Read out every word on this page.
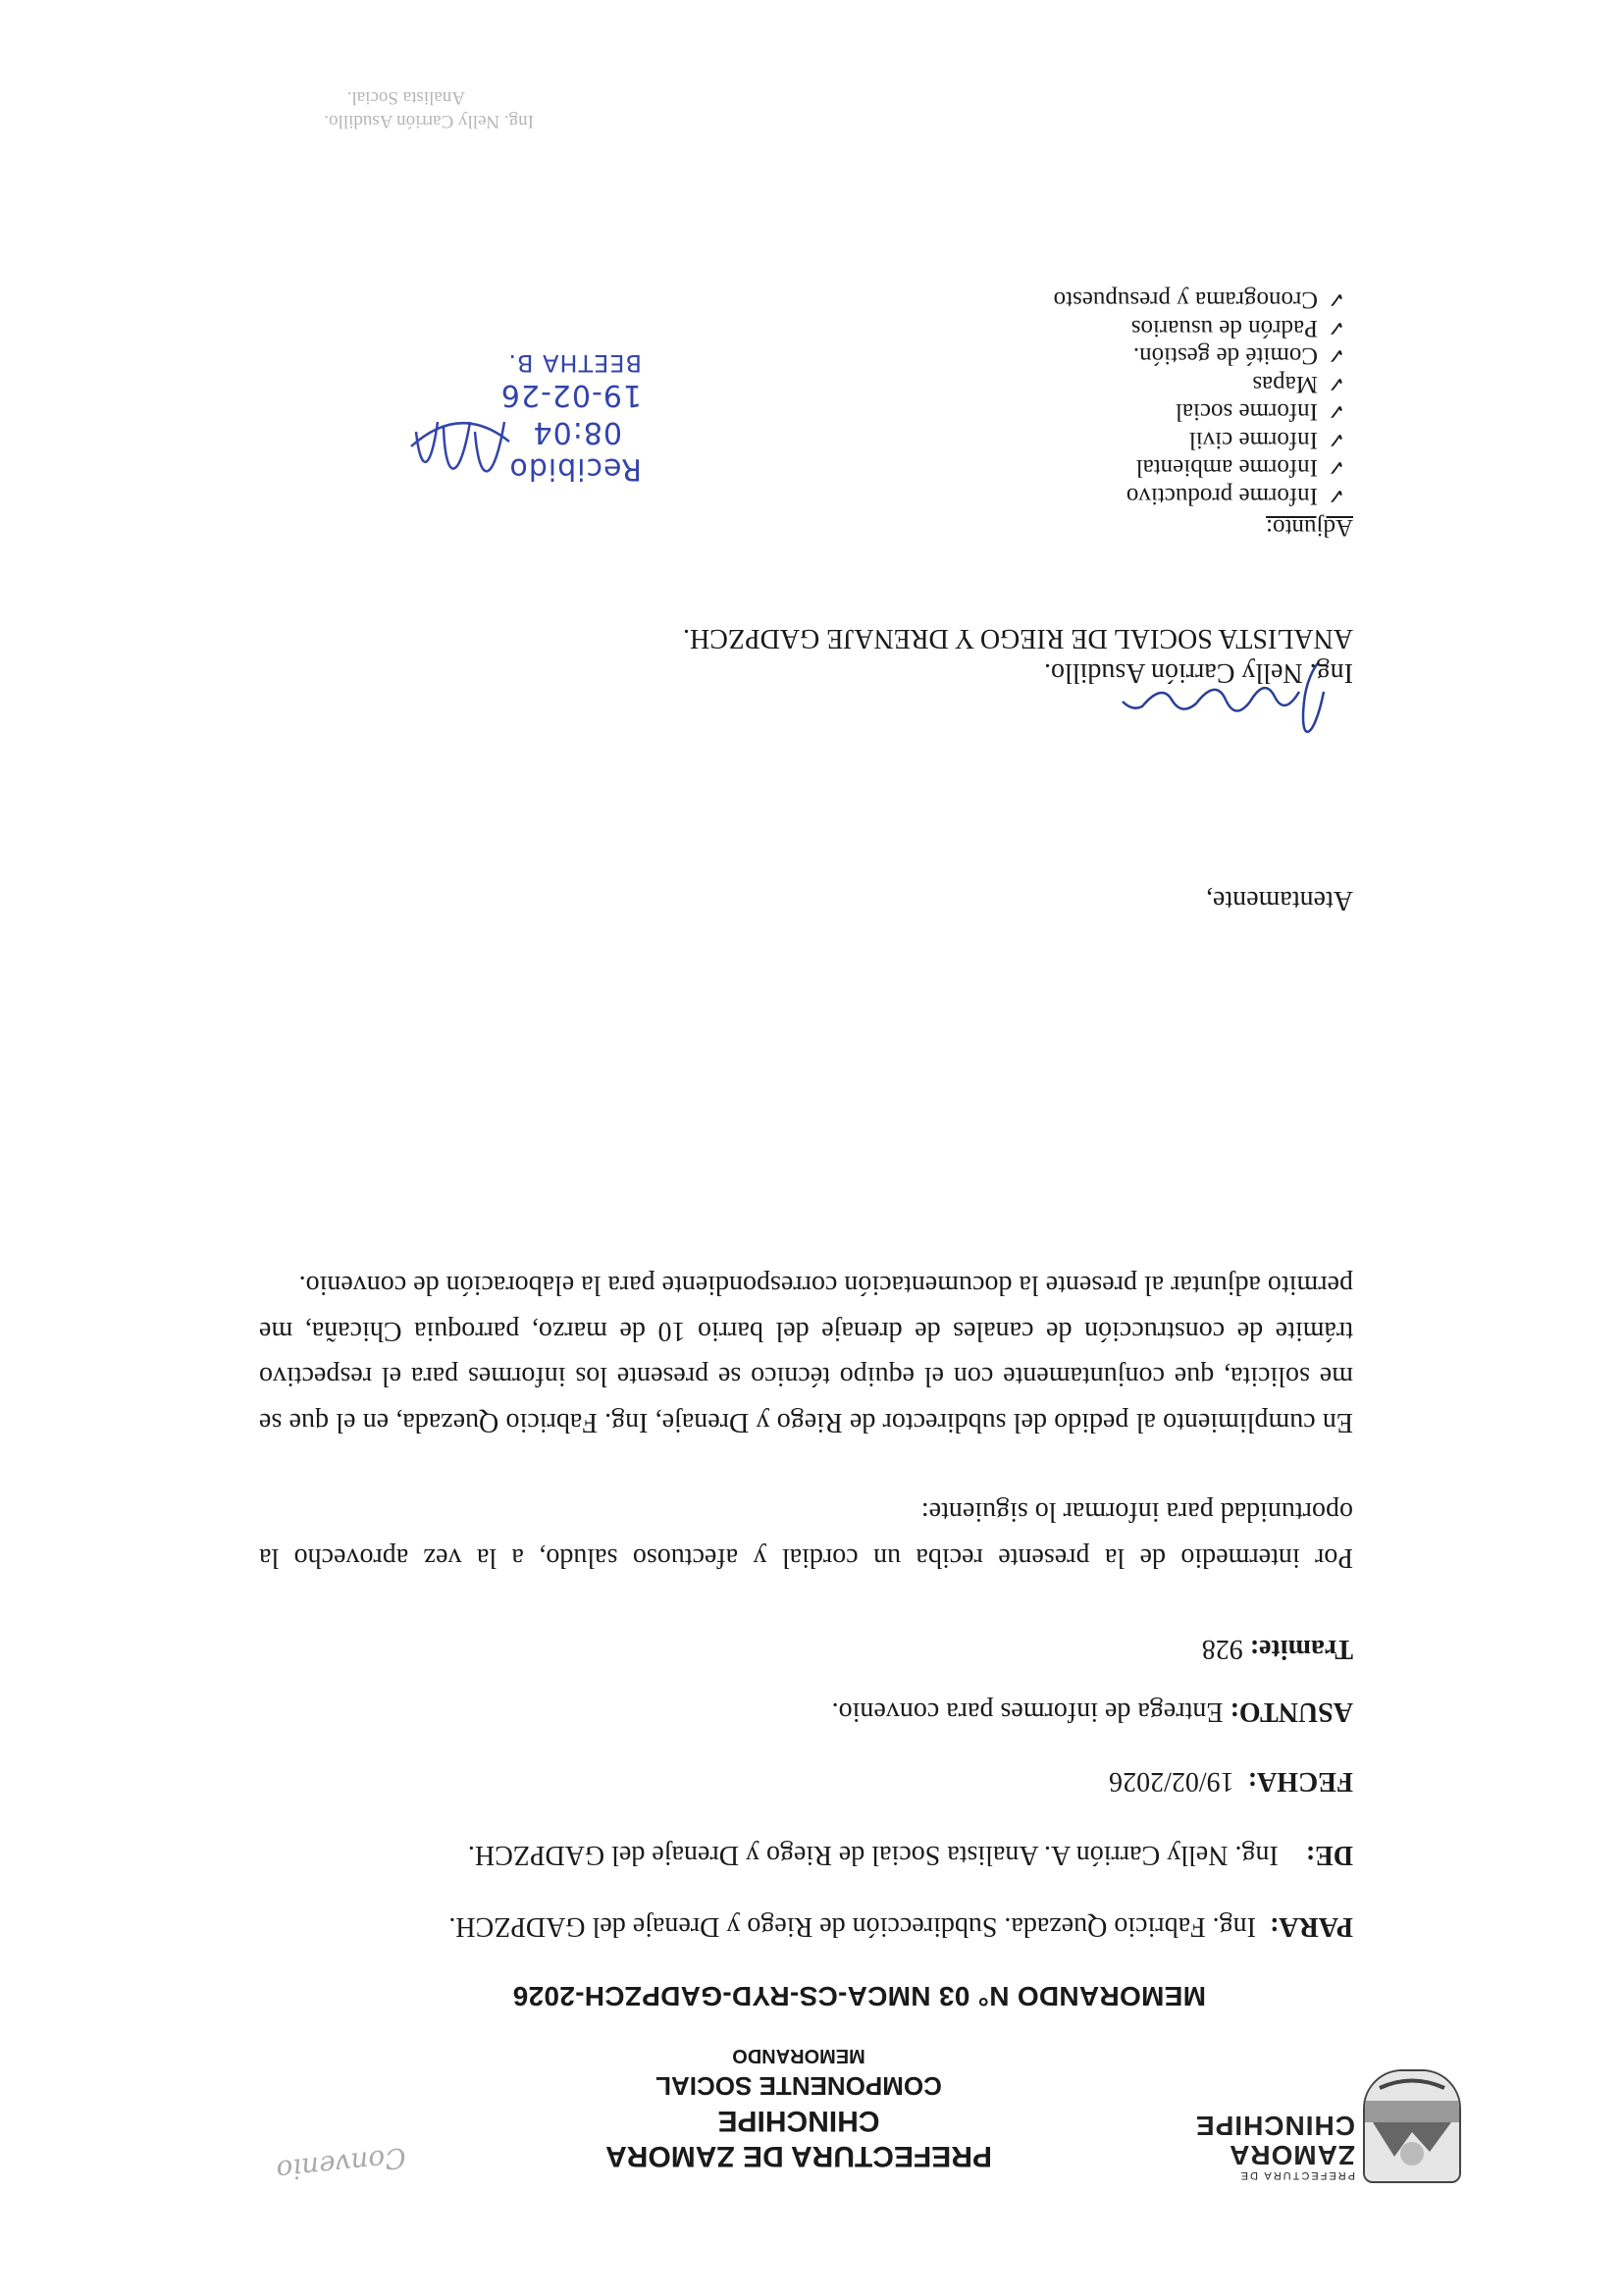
PREFECTURA DE
ZAMORA
CHINCHIPE
PREFECTURA DE ZAMORA CHINCHIPE
COMPONENTE SOCIAL
MEMORANDO
Convenio
MEMORANDO N° 03 NMCA-CS-RYD-GADPZCH-2026
PARA:  Ing. Fabricio Quezada. Subdirección de Riego y Drenaje del GADPZCH.
DE:    Ing. Nelly Carrión A. Analista Social de Riego y Drenaje del GADPZCH.
FECHA:  19/02/2026
ASUNTO: Entrega de informes para convenio.
Tramite: 928
Por intermedio de la presente reciba un cordial y afectuoso saludo, a la vez aprovecho la oportunidad para informar lo siguiente:
En cumplimiento al pedido del subdirector de Riego y Drenaje, Ing. Fabricio Quezada, en el que se me solicita, que conjuntamente con el equipo técnico se presente los informes para el respectivo trámite de construcción de canales de drenaje del barrio 10 de marzo, parroquia Chicaña, me permito adjuntar al presente la documentación correspondiente para la elaboración de convenio.
Atentamente,
Ing. Nelly Carrión Asudillo.
ANALISTA SOCIAL DE RIEGO Y DRENAJE GADPZCH.
Adjunto:
✓
Informe productivo
✓
Informe ambiental
✓
Informe civil
✓
Informe social
✓
Mapas
✓
Comité de gestión.
✓
Padrón de usuarios
✓
Cronograma y presupuesto
Recibido
08:04
19-02-26
BEETHA B.
Ing. Nelly Carrión Asudillo.
Analista Social.
